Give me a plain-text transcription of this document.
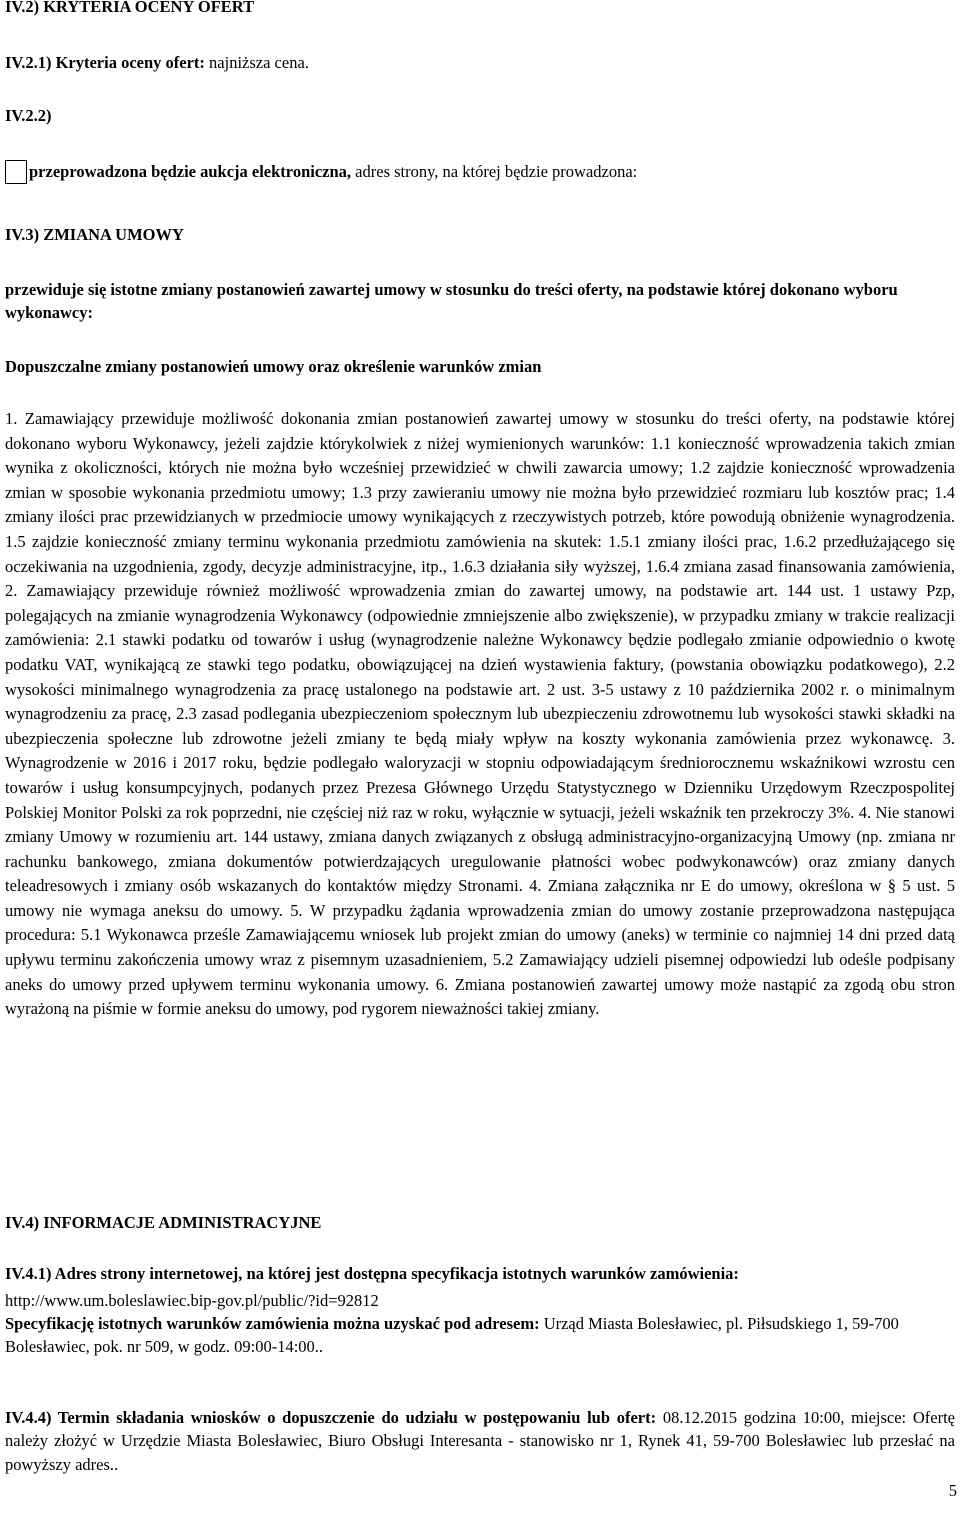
IV.2) KRYTERIA OCENY OFERT

IV.2.1) Kryteria oceny ofert: najniższa cena.

IV.2.2)

przeprowadzona będzie aukcja elektroniczna, adres strony, na której będzie prowadzona:

IV.3) ZMIANA UMOWY

przewiduje się istotne zmiany postanowień zawartej umowy w stosunku do treści oferty, na podstawie której dokonano wyboru wykonawcy:

Dopuszczalne zmiany postanowień umowy oraz określenie warunków zmian

1. Zamawiający przewiduje możliwość dokonania zmian postanowień zawartej umowy w stosunku do treści oferty, na podstawie której dokonano wyboru Wykonawcy, jeżeli zajdzie którykolwiek z niżej wymienionych warunków: 1.1 konieczność wprowadzenia takich zmian wynika z okoliczności, których nie można było wcześniej przewidzieć w chwili zawarcia umowy; 1.2 zajdzie konieczność wprowadzenia zmian w sposobie wykonania przedmiotu umowy; 1.3 przy zawieraniu umowy nie można było przewidzieć rozmiaru lub kosztów prac; 1.4 zmiany ilości prac przewidzianych w przedmiocie umowy wynikających z rzeczywistych potrzeb, które powodują obniżenie wynagrodzenia. 1.5 zajdzie konieczność zmiany terminu wykonania przedmiotu zamówienia na skutek: 1.5.1 zmiany ilości prac, 1.6.2 przedłużającego się oczekiwania na uzgodnienia, zgody, decyzje administracyjne, itp., 1.6.3 działania siły wyższej, 1.6.4 zmiana zasad finansowania zamówienia, 2. Zamawiający przewiduje również możliwość wprowadzenia zmian do zawartej umowy, na podstawie art. 144 ust. 1 ustawy Pzp, polegających na zmianie wynagrodzenia Wykonawcy (odpowiednie zmniejszenie albo zwiększenie), w przypadku zmiany w trakcie realizacji zamówienia: 2.1 stawki podatku od towarów i usług (wynagrodzenie należne Wykonawcy będzie podlegało zmianie odpowiednio o kwotę podatku VAT, wynikającą ze stawki tego podatku, obowiązującej na dzień wystawienia faktury, (powstania obowiązku podatkowego), 2.2 wysokości minimalnego wynagrodzenia za pracę ustalonego na podstawie art. 2 ust. 3-5 ustawy z 10 października 2002 r. o minimalnym wynagrodzeniu za pracę, 2.3 zasad podlegania ubezpieczeniom społecznym lub ubezpieczeniu zdrowotnemu lub wysokości stawki składki na ubezpieczenia społeczne lub zdrowotne jeżeli zmiany te będą miały wpływ na koszty wykonania zamówienia przez wykonawcę. 3. Wynagrodzenie w 2016 i 2017 roku, będzie podlegało waloryzacji w stopniu odpowiadającym średniorocznemu wskaźnikowi wzrostu cen towarów i usług konsumpcyjnych, podanych przez Prezesa Głównego Urzędu Statystycznego w Dzienniku Urzędowym Rzeczpospolitej Polskiej Monitor Polski za rok poprzedni, nie częściej niż raz w roku, wyłącznie w sytuacji, jeżeli wskaźnik ten przekroczy 3%. 4. Nie stanowi zmiany Umowy w rozumieniu art. 144 ustawy, zmiana danych związanych z obsługą administracyjno-organizacyjną Umowy (np. zmiana nr rachunku bankowego, zmiana dokumentów potwierdzających uregulowanie płatności wobec podwykonawców) oraz zmiany danych teleadresowych i zmiany osób wskazanych do kontaktów między Stronami. 4. Zmiana załącznika nr E do umowy, określona w § 5 ust. 5 umowy nie wymaga aneksu do umowy. 5. W przypadku żądania wprowadzenia zmian do umowy zostanie przeprowadzona następująca procedura: 5.1 Wykonawca prześle Zamawiającemu wniosek lub projekt zmian do umowy (aneks) w terminie co najmniej 14 dni przed datą upływu terminu zakończenia umowy wraz z pisemnym uzasadnieniem, 5.2 Zamawiający udzieli pisemnej odpowiedzi lub odeśle podpisany aneks do umowy przed upływem terminu wykonania umowy. 6. Zmiana postanowień zawartej umowy może nastąpić za zgodą obu stron wyrażoną na piśmie w formie aneksu do umowy, pod rygorem nieważności takiej zmiany.

IV.4) INFORMACJE ADMINISTRACYJNE

IV.4.1) Adres strony internetowej, na której jest dostępna specyfikacja istotnych warunków zamówienia:

http://www.um.boleslawiec.bip-gov.pl/public/?id=92812

Specyfikację istotnych warunków zamówienia można uzyskać pod adresem: Urząd Miasta Bolesławiec, pl. Piłsudskiego 1, 59-700 Bolesławiec, pok. nr 509, w godz. 09:00-14:00..

IV.4.4) Termin składania wniosków o dopuszczenie do udziału w postępowaniu lub ofert: 08.12.2015 godzina 10:00, miejsce: Ofertę należy złożyć w Urzędzie Miasta Bolesławiec, Biuro Obsługi Interesanta - stanowisko nr 1, Rynek 41, 59-700 Bolesławiec lub przesłać na powyższy adres..

5
